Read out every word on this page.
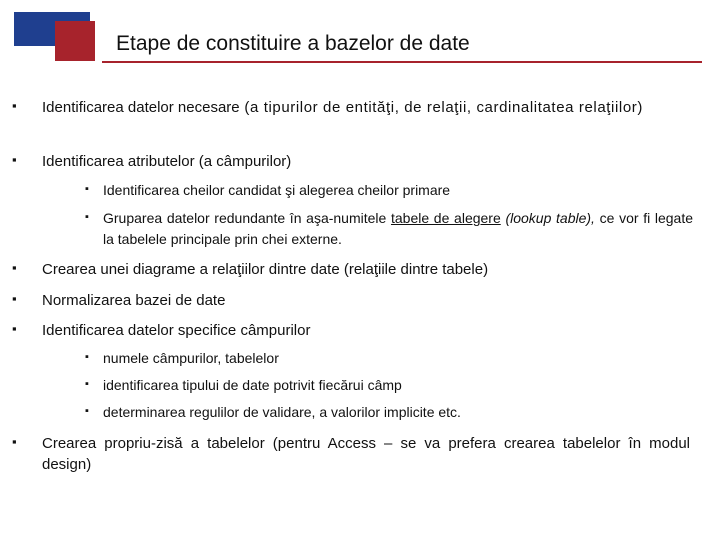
Etape de constituire a bazelor de date
▪ Identificarea datelor necesare (a tipurilor de entităţi, de relaţii, cardinalitatea relaţiilor)
▪ Identificarea atributelor (a câmpurilor)
▪ Identificarea cheilor candidat şi alegerea cheilor primare
▪ Gruparea datelor redundante în aşa-numitele tabele de alegere (lookup table), ce vor fi legate la tabelele principale prin chei externe.
▪ Crearea unei diagrame a relaţiilor dintre date (relaţiile dintre tabele)
▪ Normalizarea bazei de date
▪ Identificarea datelor specifice câmpurilor
▪ numele câmpurilor, tabelelor
▪ identificarea tipului de date potrivit fiecărui câmp
▪ determinarea regulilor de validare, a valorilor implicite etc.
▪ Crearea propriu-zisă a tabelelor (pentru Access – se va prefera crearea tabelelor în modul design)
